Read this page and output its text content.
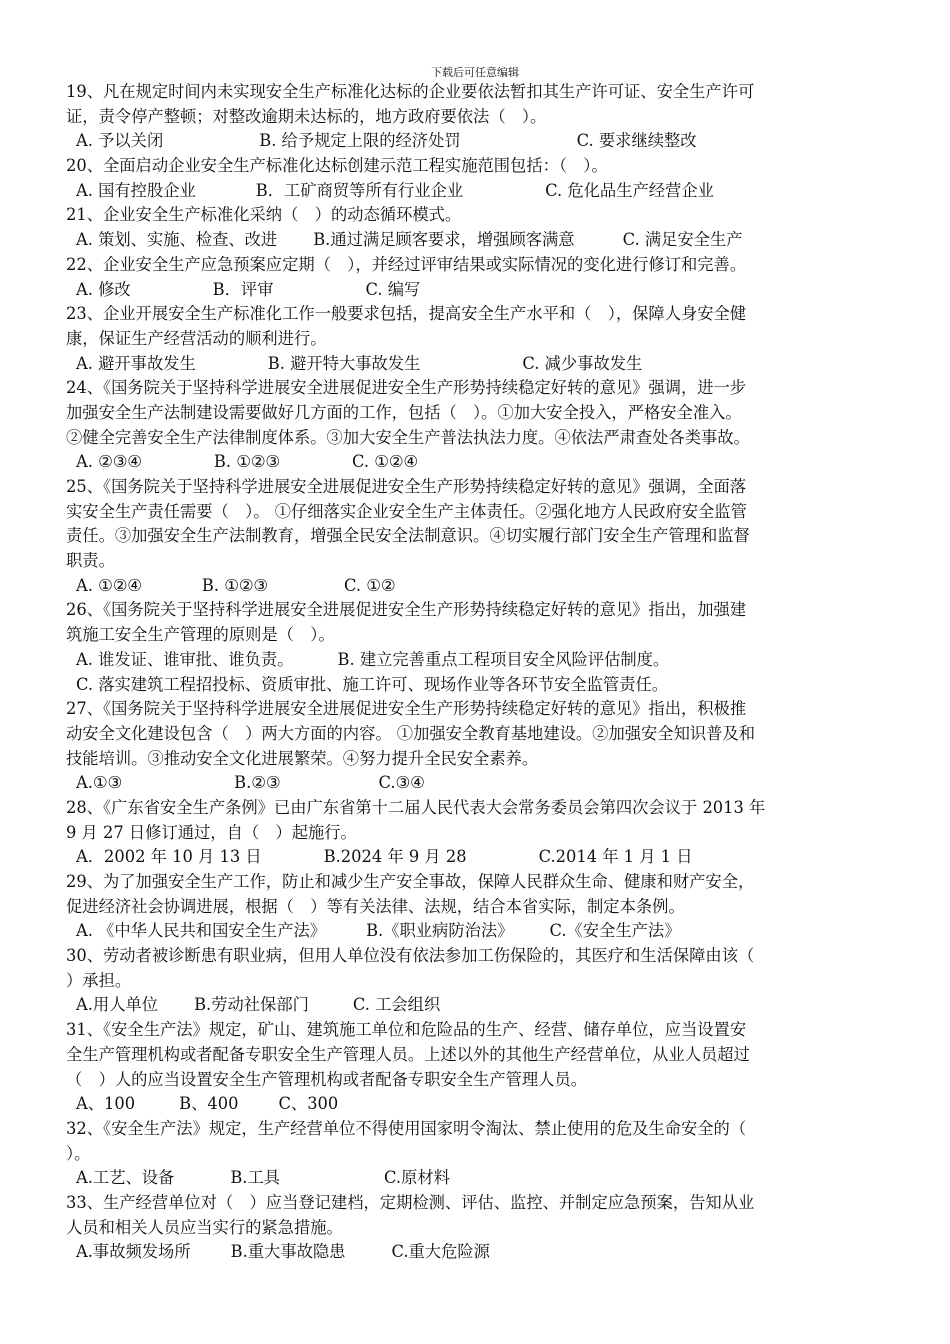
下载后可任意编辑
19、凡在规定时间内未实现安全生产标准化达标的企业要依法暂扣其生产许可证、安全生产许可
证，责令停产整顿；对整改逾期未达标的，地方政府要依法（　）。
A. 予以关闭	B. 给予规定上限的经济处罚	C. 要求继续整改
20、全面启动企业安全生产标准化达标创建示范工程实施范围包括：（　）。
A. 国有控股企业	B．工矿商贸等所有行业企业	C. 危化品生产经营企业
21、企业安全生产标准化采纳（　）的动态循环模式。
A. 策划、实施、检查、改进 B.通过满足顾客要求，增强顾客满意	C. 满足安全生产
22、企业安全生产应急预案应定期（　），并经过评审结果或实际情况的变化进行修订和完善。
A. 修改	B．评审	C. 编写
23、企业开展安全生产标准化工作一般要求包括，提高安全生产水平和（　），保障人身安全健
康，保证生产经营活动的顺利进行。
A. 避开事故发生	B. 避开特大事故发生	C. 减少事故发生
24、《国务院关于坚持科学进展安全进展促进安全生产形势持续稳定好转的意见》强调，进一步
加强安全生产法制建设需要做好几方面的工作，包括（　）。①加大安全投入，严格安全准入。
②健全完善安全生产法律制度体系。③加大安全生产普法执法力度。④依法严肃查处各类事故。
A. ②③④	B. ①②③	C. ①②④
25、《国务院关于坚持科学进展安全进展促进安全生产形势持续稳定好转的意见》强调，全面落
实安全生产责任需要（　）。 ①仔细落实企业安全生产主体责任。②强化地方人民政府安全监管
责任。③加强安全生产法制教育，增强全民安全法制意识。④切实履行部门安全生产管理和监督
职责。
A. ①②④	B. ①②③	C. ①②
26、《国务院关于坚持科学进展安全进展促进安全生产形势持续稳定好转的意见》指出，加强建
筑施工安全生产管理的原则是（　）。
A. 谁发证、谁审批、谁负责。	B. 建立完善重点工程项目安全风险评估制度。
C. 落实建筑工程招投标、资质审批、施工许可、现场作业等各环节安全监管责任。
27、《国务院关于坚持科学进展安全进展促进安全生产形势持续稳定好转的意见》指出，积极推
动安全文化建设包含（　）两大方面的内容。 ①加强安全教育基地建设。②加强安全知识普及和
技能培训。③推动安全文化进展繁荣。④努力提升全民安全素养。
A.①③	B.②③	C.③④
28、《广东省安全生产条例》已由广东省第十二届人民代表大会常务委员会第四次会议于 2013 年
9 月 27 日修订通过，自（　）起施行。
A．2002 年 10 月 13 日	B.2024 年 9 月 28	C.2014 年 1 月 1 日
29、为了加强安全生产工作，防止和减少生产安全事故，保障人民群众生命、健康和财产安全，
促进经济社会协调进展，根据（　）等有关法律、法规，结合本省实际，制定本条例。
A. 《中华人民共和国安全生产法》 B.《职业病防治法》 C.《安全生产法》
30、劳动者被诊断患有职业病，但用人单位没有依法参加工伤保险的，其医疗和生活保障由该（
）承担。
A.用人单位 B.劳动社保部门	C. 工会组织
31、《安全生产法》规定，矿山、建筑施工单位和危险品的生产、经营、储存单位，应当设置安
全生产管理机构或者配备专职安全生产管理人员。上述以外的其他生产经营单位，从业人员超过
（　）人的应当设置安全生产管理机构或者配备专职安全生产管理人员。
A、100	B、400 C、300
32、《安全生产法》规定，生产经营单位不得使用国家明令淘汰、禁止使用的危及生命安全的（
）。
A.工艺、设备	B.工具	C.原材料
33、生产经营单位对（　）应当登记建档，定期检测、评估、监控、并制定应急预案，告知从业
人员和相关人员应当实行的紧急措施。
A.事故频发场所 B.重大事故隐患	C.重大危险源
